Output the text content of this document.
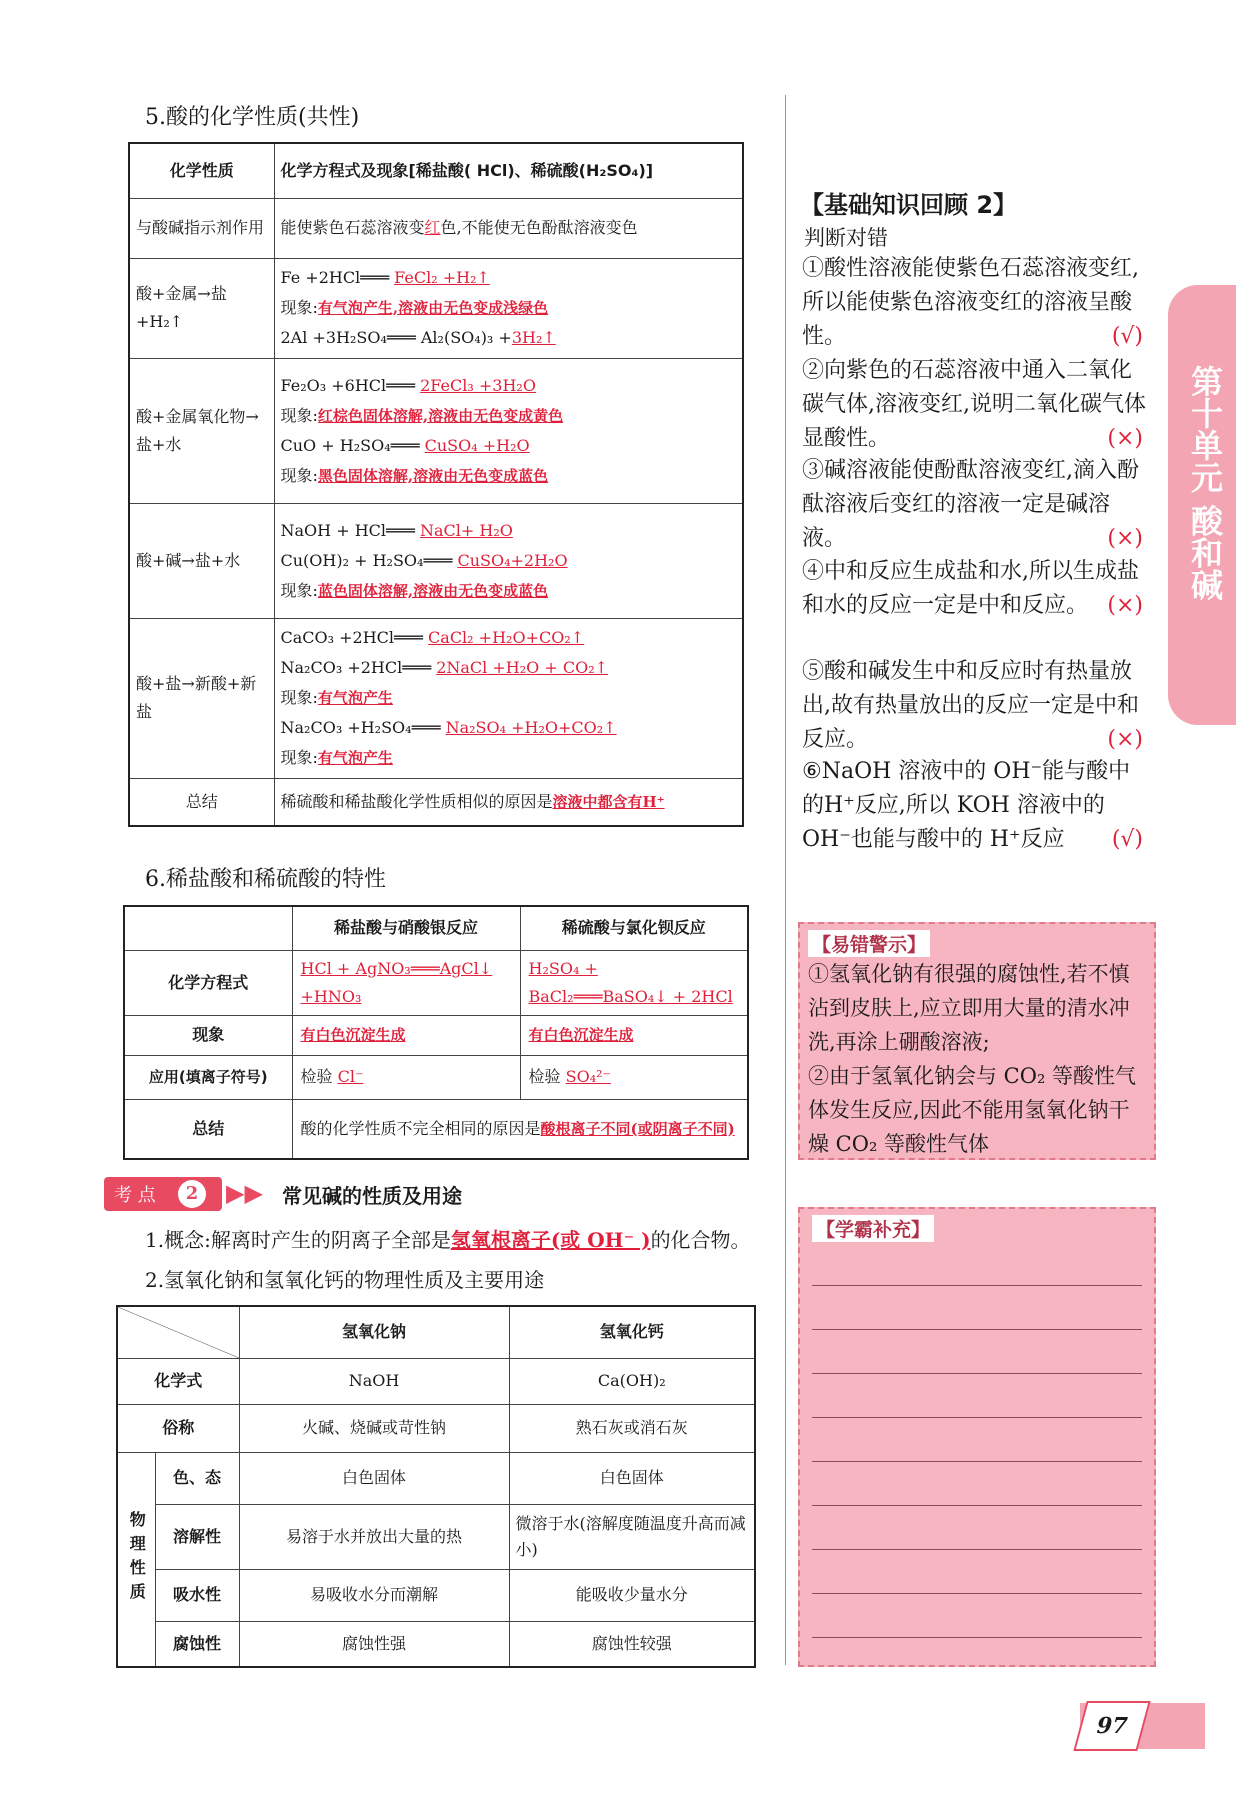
5.酸的化学性质(共性)
化学性质	化学方程式及现象[稀盐酸( HCl)、稀硫酸(H₂SO₄)]
与酸碱指示剂作用	能使紫色石蕊溶液变红色,不能使无色酚酞溶液变色
酸+金属→盐+H₂↑	Fe +2HCl═══ FeCl₂ +H₂↑
现象:有气泡产生,溶液由无色变成浅绿色
2Al +3H₂SO₄═══ Al₂(SO₄)₃ +3H₂↑

酸+金属氧化物→盐+水	Fe₂O₃ +6HCl═══ 2FeCl₃ +3H₂O
现象:红棕色固体溶解,溶液由无色变成黄色
CuO + H₂SO₄═══ CuSO₄ +H₂O
现象:黑色固体溶解,溶液由无色变成蓝色

酸+碱→盐+水	NaOH + HCl═══ NaCl+ H₂O
Cu(OH)₂ + H₂SO₄═══ CuSO₄+2H₂O
现象:蓝色固体溶解,溶液由无色变成蓝色

酸+盐→新酸+新盐	CaCO₃ +2HCl═══ CaCl₂ +H₂O+CO₂↑
Na₂CO₃ +2HCl═══ 2NaCl +H₂O + CO₂↑
现象:有气泡产生
Na₂CO₃ +H₂SO₄═══ Na₂SO₄ +H₂O+CO₂↑
现象:有气泡产生

总结	稀硫酸和稀盐酸化学性质相似的原因是溶液中都含有H⁺
6.稀盐酸和稀硫酸的特性
	稀盐酸与硝酸银反应	稀硫酸与氯化钡反应
化学方程式	HCl + AgNO₃═══AgCl↓ +HNO₃	H₂SO₄ + BaCl₂═══BaSO₄↓ + 2HCl
现象	有白色沉淀生成	有白色沉淀生成
应用(填离子符号)	检验 Cl⁻	检验 SO₄²⁻
总结	酸的化学性质不完全相同的原因是酸根离子不同(或阴离子不同)	
考 点	2	▶▶ 常见碱的性质及用途
1.概念:解离时产生的阴离子全部是氢氧根离子(或 OH⁻ )的化合物。
2.氢氧化钠和氢氧化钙的物理性质及主要用途
		氢氧化钠	氢氧化钙
化学式		NaOH	Ca(OH)₂
俗称		火碱、烧碱或苛性钠	熟石灰或消石灰
物理性质	色、态	白色固体	白色固体
	溶解性	易溶于水并放出大量的热	微溶于水(溶解度随温度升高而减小)
	吸水性	易吸收水分而潮解	能吸收少量水分
	腐蚀性	腐蚀性强	腐蚀性较强
【基础知识回顾 2】
判断对错
①酸性溶液能使紫色石蕊溶液变红,所以能使紫色溶液变红的溶液呈酸性。	(√)
②向紫色的石蕊溶液中通入二氧化碳气体,溶液变红,说明二氧化碳气体显酸性。	(×)
③碱溶液能使酚酞溶液变红,滴入酚酞溶液后变红的溶液一定是碱溶液。	(×)
④中和反应生成盐和水,所以生成盐和水的反应一定是中和反应。 (×)
⑤酸和碱发生中和反应时有热量放出,故有热量放出的反应一定是中和反应。	(×)
⑥NaOH 溶液中的 OH⁻能与酸中的H⁺反应,所以 KOH 溶液中的 OH⁻也能与酸中的 H⁺反应 (√)
【易错警示】
①氢氧化钠有很强的腐蚀性,若不慎沾到皮肤上,应立即用大量的清水冲洗,再涂上硼酸溶液;
②由于氢氧化钠会与 CO₂ 等酸性气体发生反应,因此不能用氢氧化钠干燥 CO₂ 等酸性气体
【学霸补充】
第十单元 酸和碱
97
